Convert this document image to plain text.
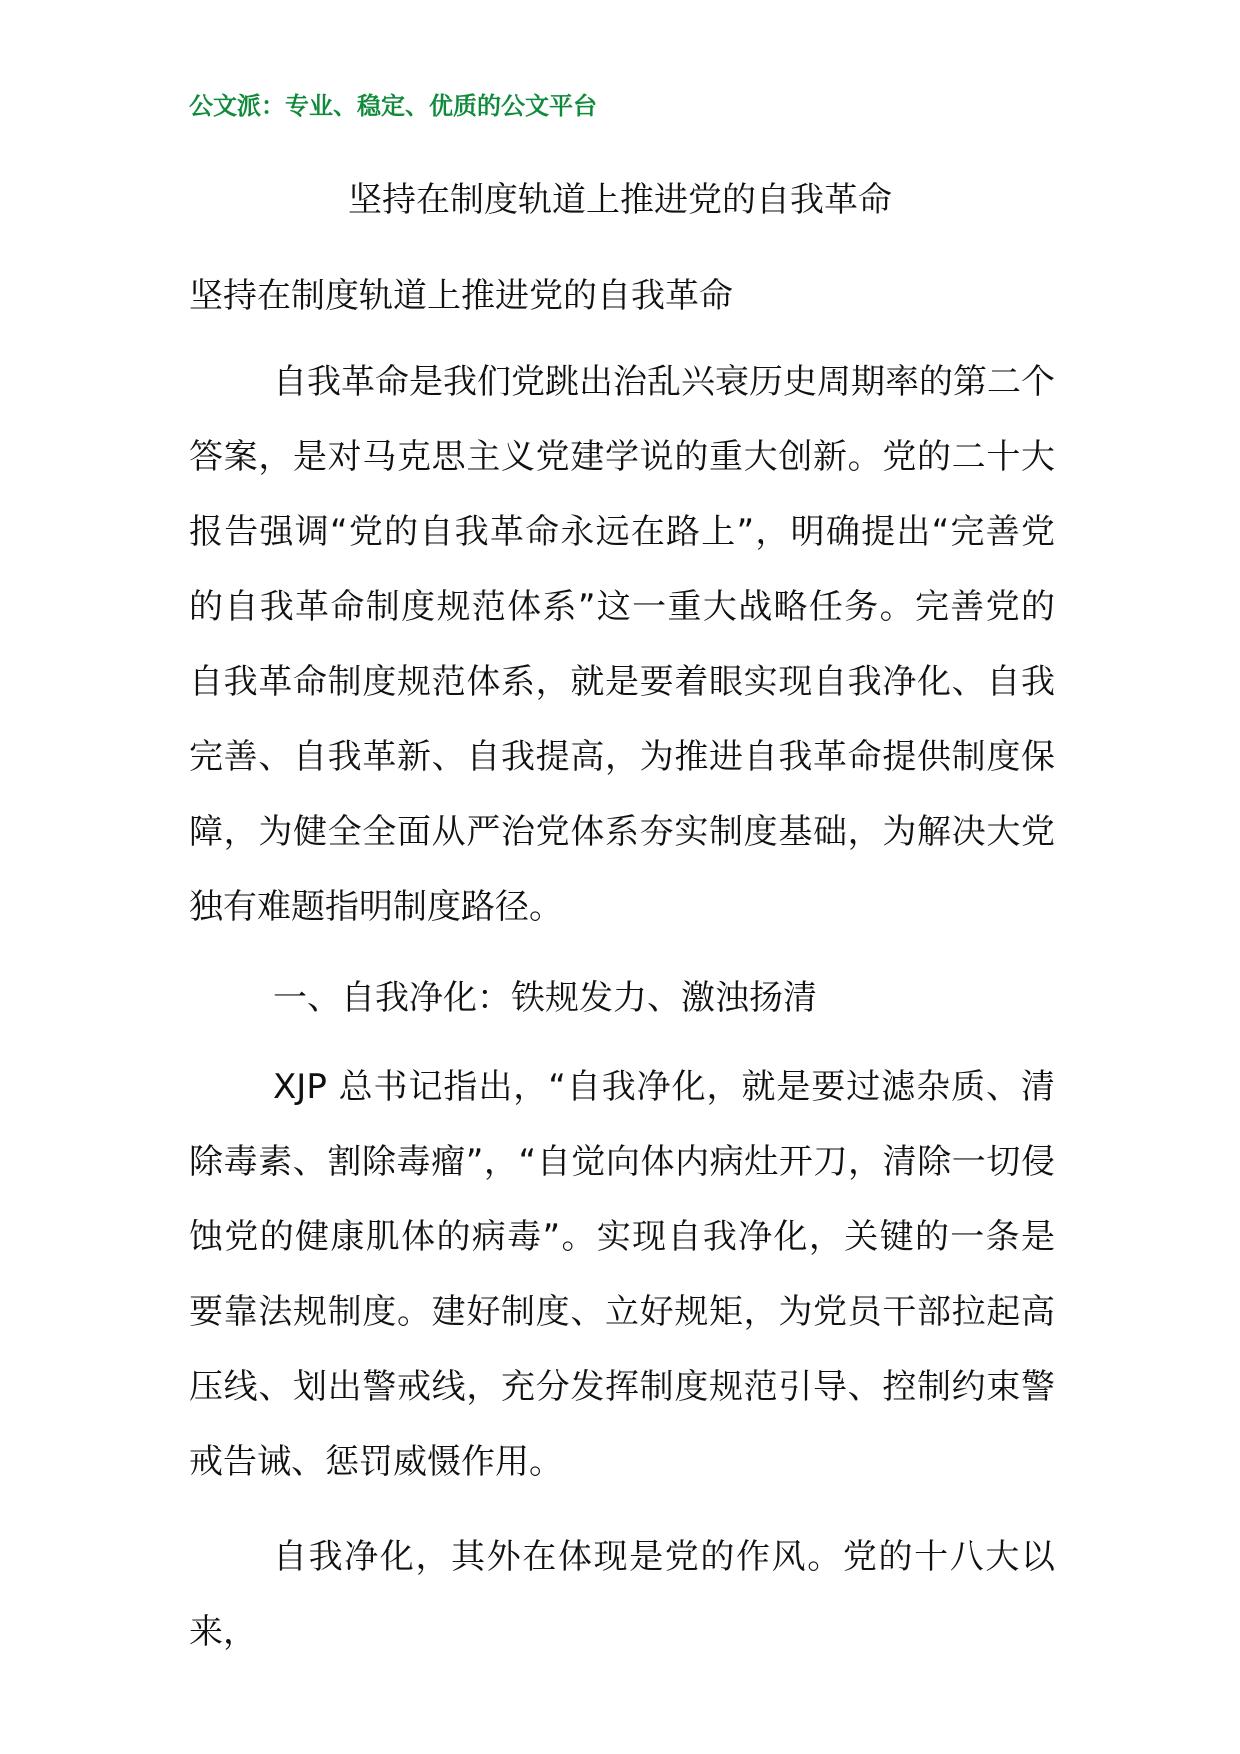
公文派：专业、稳定、优质的公文平台
坚持在制度轨道上推进党的自我革命
坚持在制度轨道上推进党的自我革命

自我革命是我们党跳出治乱兴衰历史周期率的第二个答案，是对马克思主义党建学说的重大创新。党的二十大报告强调“党的自我革命永远在路上”，明确提出“完善党的自我革命制度规范体系”这一重大战略任务。完善党的自我革命制度规范体系，就是要着眼实现自我净化、自我完善、自我革新、自我提高，为推进自我革命提供制度保障，为健全全面从严治党体系夯实制度基础，为解决大党独有难题指明制度路径。

一、自我净化：铁规发力、激浊扬清

XJP 总书记指出，“自我净化，就是要过滤杂质、清除毒素、割除毒瘤”，“自觉向体内病灶开刀，清除一切侵蚀党的健康肌体的病毒”。实现自我净化，关键的一条是要靠法规制度。建好制度、立好规矩，为党员干部拉起高压线、划出警戒线，充分发挥制度规范引导、控制约束警戒告诫、惩罚威慑作用。

自我净化，其外在体现是党的作风。党的十八大以来，
